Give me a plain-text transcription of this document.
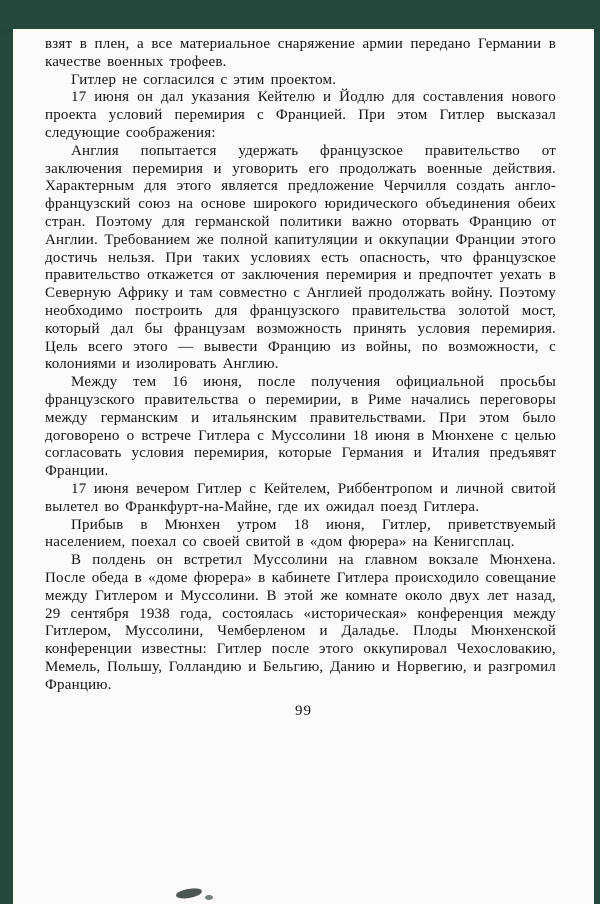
взят в плен, а все материальное снаряжение армии передано Германии в качестве военных трофеев.

Гитлер не согласился с этим проектом.

17 июня он дал указания Кейтелю и Йодлю для составления нового проекта условий перемирия с Францией. При этом Гитлер высказал следующие соображения:

Англия попытается удержать французское правительство от заключения перемирия и уговорить его продолжать военные действия. Характерным для этого является предложение Черчилля создать англо-французский союз на основе широкого юридического объединения обеих стран. Поэтому для германской политики важно оторвать Францию от Англии. Требованием же полной капитуляции и оккупации Франции этого достичь нельзя. При таких условиях есть опасность, что французское правительство откажется от заключения перемирия и предпочтет уехать в Северную Африку и там совместно с Англией продолжать войну. Поэтому необходимо построить для французского правительства золотой мост, который дал бы французам возможность принять условия перемирия. Цель всего этого — вывести Францию из войны, по возможности, с колониями и изолировать Англию.

Между тем 16 июня, после получения официальной просьбы французского правительства о перемирии, в Риме начались переговоры между германским и итальянским правительствами. При этом было договорено о встрече Гитлера с Муссолини 18 июня в Мюнхене с целью согласовать условия перемирия, которые Германия и Италия предъявят Франции.

17 июня вечером Гитлер с Кейтелем, Риббентропом и личной свитой вылетел во Франкфурт-на-Майне, где их ожидал поезд Гитлера.

Прибыв в Мюнхен утром 18 июня, Гитлер, приветствуемый населением, поехал со своей свитой в «дом фюрера» на Кенигсплац.

В полдень он встретил Муссолини на главном вокзале Мюнхена. После обеда в «доме фюрера» в кабинете Гитлера происходило совещание между Гитлером и Муссолини. В этой же комнате около двух лет назад, 29 сентября 1938 года, состоялась «историческая» конференция между Гитлером, Муссолини, Чемберленом и Даладье. Плоды Мюнхенской конференции известны: Гитлер после этого оккупировал Чехословакию, Мемель, Польшу, Голландию и Бельгию, Данию и Норвегию, и разгромил Францию.

99
